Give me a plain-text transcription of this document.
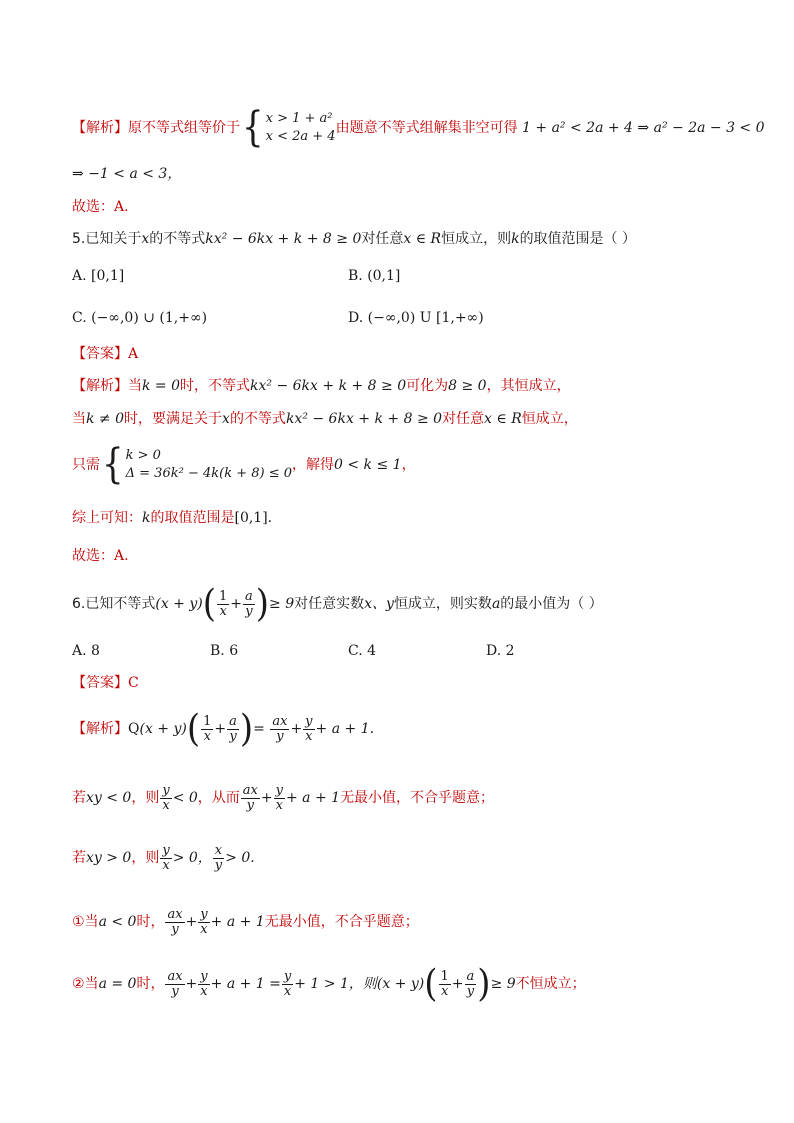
【解析】原不等式组等价于{ x > 1 + a²
x < 2a + 4
由题意不等式组解集非空可得 1 + a² < 2a + 4 ⇒ a² − 2a − 3 < 0
⇒ −1 < a < 3，
故选：A.
5.已知关于x的不等式kx² − 6kx + k + 8 ≥ 0对任意x ∈ R恒成立，则k的取值范围是（ ）
A. [0,1]	B. (0,1]
C. (−∞,0) ∪ (1,+∞)	D. (−∞,0) U [1,+∞)
【答案】A
【解析】当k = 0时，不等式kx² − 6kx + k + 8 ≥ 0可化为8 ≥ 0，其恒成立，
当k ≠ 0时，要满足关于x的不等式kx² − 6kx + k + 8 ≥ 0对任意x ∈ R恒成立，
只需{ k > 0
Δ = 36k² − 4k(k + 8) ≤ 0
，解得0 < k ≤ 1，
综上可知：k的取值范围是[0,1].
故选：A.
6.已知不等式$(x + y)( \frac{1}{x} + \frac{a}{y}$ )≥ 9对任意实数x、y恒成立，则实数a的最小值为（ ）
A. 8	B. 6	C. 4	D. 2
【答案】C
【解析】$Q(x + y)( \frac{1}{x} + \frac{a}{y}$ )= $\frac{ax}{y} + \frac{y}{x} + a + 1$.
若xy < 0，则 $\frac{y}{x} < 0$，从而 $\frac{ax}{y} + \frac{y}{x} + a + 1$无最小值，不合乎题意；
若xy > 0，则 $\frac{y}{x} > 0$， $\frac{x}{y} > 0$.
①当a < 0时， $\frac{ax}{y} + \frac{y}{x} + a + 1$无最小值，不合乎题意；
②当a = 0时， $\frac{ax}{y} + \frac{y}{x} + a + 1 = \frac{y}{x} + 1 > 1$，则$(x + y)( \frac{1}{x} + \frac{a}{y}$ )≥ 9不恒成立；
